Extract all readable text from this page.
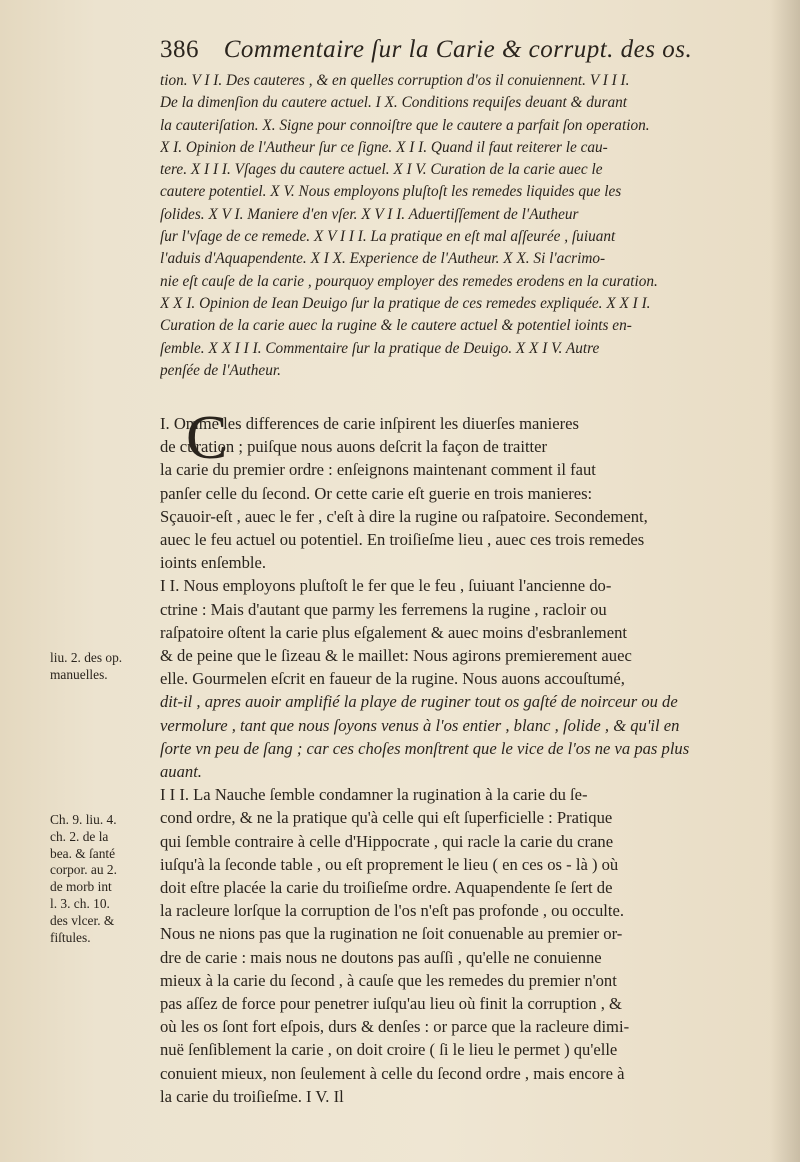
386 Commentaire ſur la Carie & corrupt. des os.

tion. V I I. Des cauteres , & en quelles corruption d'os il conuiennent. V I I I.

De la dimenſion du cautere actuel. I X. Conditions requiſes deuant & durant

la cauteriſation. X. Signe pour connoiſtre que le cautere a parfait ſon operation.

X I. Opinion de l'Autheur ſur ce ſigne. X I I. Quand il faut reiterer le cau-

tere. X I I I. Vſages du cautere actuel. X I V. Curation de la carie auec le

cautere potentiel. X V. Nous employons pluſtoſt les remedes liquides que les

ſolides. X V I. Maniere d'en vſer. X V I I. Aduertiſſement de l'Autheur

ſur l'vſage de ce remede. X V I I I. La pratique en eſt mal aſſeurée , ſuiuant

l'aduis d'Aquapendente. X I X. Experience de l'Autheur. X X. Si l'acrimo-

nie eſt cauſe de la carie , pourquoy employer des remedes erodens en la curation.

X X I. Opinion de Iean Deuigo ſur la pratique de ces remedes expliquée. X X I I.

Curation de la carie auec la rugine & le cautere actuel & potentiel ioints en-

ſemble. X X I I I. Commentaire ſur la pratique de Deuigo. X X I V. Autre

penſée de l'Autheur.

C

I. Omme les differences de carie inſpirent les diuerſes manieres

de curation ; puiſque nous auons deſcrit la façon de traitter

la carie du premier ordre : enſeignons maintenant comment il faut

panſer celle du ſecond. Or cette carie eſt guerie en trois manieres:

Sçauoir-eſt , auec le fer , c'eſt à dire la rugine ou raſpatoire. Secondement,

auec le feu actuel ou potentiel. En troiſieſme lieu , auec ces trois remedes

ioints enſemble.

I I. Nous employons pluſtoſt le fer que le feu , ſuiuant l'ancienne do-

ctrine : Mais d'autant que parmy les ferremens la rugine , racloir ou

raſpatoire oſtent la carie plus eſgalement & auec moins d'esbranlement

& de peine que le ſizeau & le maillet: Nous agirons premierement auec

elle. Gourmelen eſcrit en faueur de la rugine. Nous auons accouſtumé,

dit-il , apres auoir amplifié la playe de ruginer tout os gaſté de noirceur ou de

vermolure , tant que nous ſoyons venus à l'os entier , blanc , ſolide , & qu'il en

ſorte vn peu de ſang ; car ces choſes monſtrent que le vice de l'os ne va pas plus

auant.

I I I. La Nauche ſemble condamner la rugination à la carie du ſe-

cond ordre, & ne la pratique qu'à celle qui eſt ſuperficielle : Pratique

qui ſemble contraire à celle d'Hippocrate , qui racle la carie du crane

iuſqu'à la ſeconde table , ou eſt proprement le lieu ( en ces os - là ) où

doit eſtre placée la carie du troiſieſme ordre. Aquapendente ſe ſert de

la racleure lorſque la corruption de l'os n'eſt pas profonde , ou occulte.

Nous ne nions pas que la rugination ne ſoit conuenable au premier or-

dre de carie : mais nous ne doutons pas auſſi , qu'elle ne conuienne

mieux à la carie du ſecond , à cauſe que les remedes du premier n'ont

pas aſſez de force pour penetrer iuſqu'au lieu où finit la corruption , &

où les os ſont fort eſpois, durs & denſes : or parce que la racleure dimi-

nuë ſenſiblement la carie , on doit croire ( ſi le lieu le permet ) qu'elle

conuient mieux, non ſeulement à celle du ſecond ordre , mais encore à

la carie du troiſieſme. I V. Il

liu. 2. des op.

manuelles.

Ch. 9. liu. 4.

ch. 2. de la

bea. & ſanté

corpor. au 2.

de morb int

l. 3. ch. 10.

des vlcer. &

fiſtules.
